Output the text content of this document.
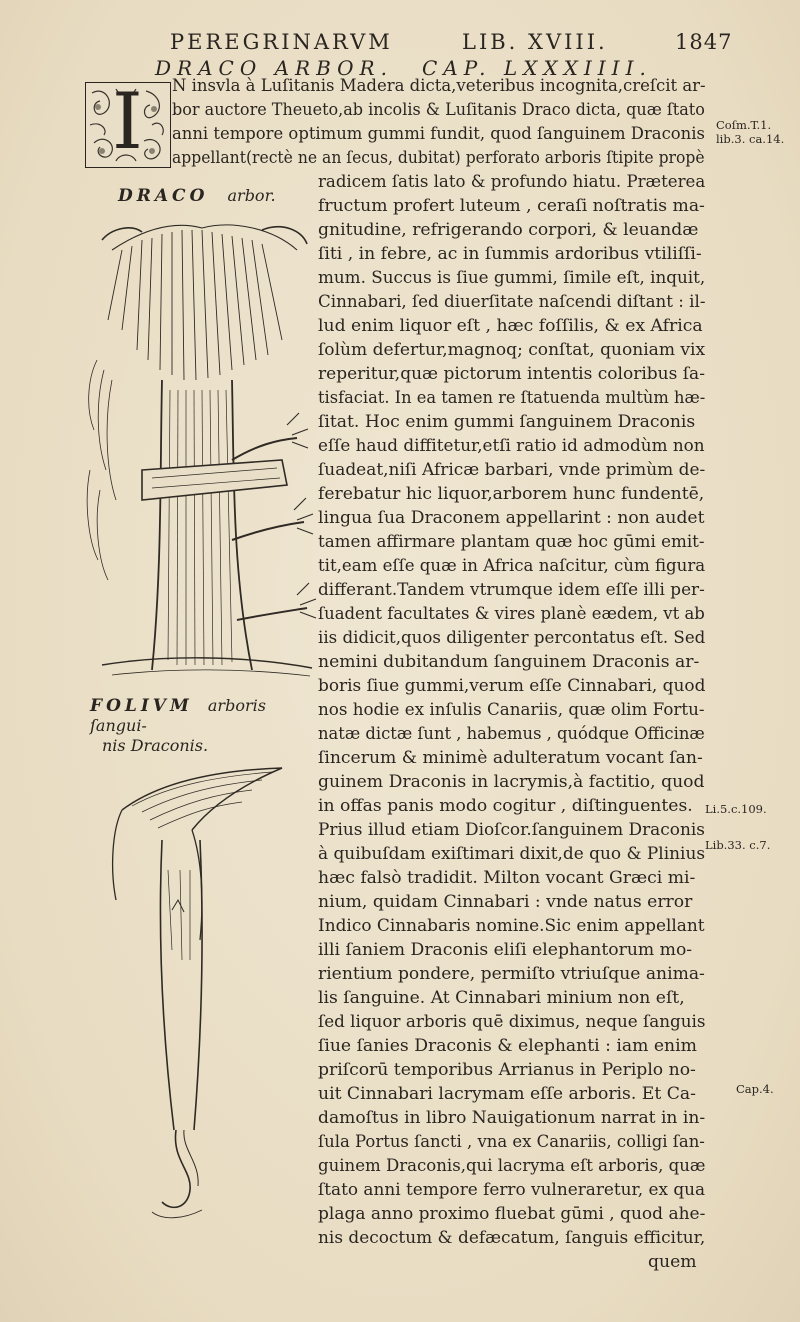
PEREGRINARVM	LIB. XVIII.	1847
DRACO ARBOR. CAP. LXXXIIII.
I
DRACO arbor.
FOLIVM arboris ſangui-
nis Draconis.
N insvla à Luſitanis Madera dicta,veteribus incognita,creſcit ar-
bor auctore Theueto,ab incolis & Luſitanis Draco dicta, quæ ſtato
anni tempore optimum gummi fundit, quod ſanguinem Draconis
appellant(rectè ne an ſecus, dubitat) perforato arboris ſtipite propè
radicem ſatis lato & profundo hiatu. Præterea
fructum profert luteum , ceraſi noſtratis ma-
gnitudine, refrigerando corpori, & leuandæ
ſiti , in febre, ac in ſummis ardoribus vtiliſſi-
mum. Succus is ſiue gummi, ſimile eſt, inquit,
Cinnabari, ſed diuerſitate naſcendi diſtant : il-
lud enim liquor eſt , hæc foſſilis, & ex Africa
ſolùm defertur,magnoq; conſtat, quoniam vix
reperitur,quæ pictorum intentis coloribus ſa-
tisfaciat. In ea tamen re ſtatuenda multùm hæ-
ſitat. Hoc enim gummi ſanguinem Draconis
eſſe haud diffitetur,etſi ratio id admodùm non
ſuadeat,niſi Africæ barbari, vnde primùm de-
ferebatur hic liquor,arborem hunc fundentē,
lingua ſua Draconem appellarint : non audet
tamen affirmare plantam quæ hoc gūmi emit-
tit,eam eſſe quæ in Africa naſcitur, cùm figura
differant.Tandem vtrumque idem eſſe illi per-
ſuadent facultates & vires planè eædem, vt ab
iis didicit,quos diligenter percontatus eſt. Sed
nemini dubitandum ſanguinem Draconis ar-
boris ſiue gummi,verum eſſe Cinnabari, quod
nos hodie ex inſulis Canariis, quæ olim Fortu-
natæ dictæ ſunt , habemus , quódque Officinæ
ſincerum & minimè adulteratum vocant ſan-
guinem Draconis in lacrymis,à factitio, quod
in offas panis modo cogitur , diſtinguentes.
Prius illud etiam Dioſcor.ſanguinem Draconis
à quibuſdam exiſtimari dixit,de quo & Plinius
hæc falsò tradidit. Milton vocant Græci mi-
nium, quidam Cinnabari : vnde natus error
Indico Cinnabaris nomine.Sic enim appellant
illi ſaniem Draconis eliſi elephantorum mo-
rientium pondere, permiſto vtriuſque anima-
lis ſanguine. At Cinnabari minium non eſt,
ſed liquor arboris quē diximus, neque ſanguis
ſiue ſanies Draconis & elephanti : iam enim
priſcorū temporibus Arrianus in Periplo no-
uit Cinnabari lacrymam eſſe arboris. Et Ca-
damoſtus in libro Nauigationum narrat in in-
ſula Portus ſancti , vna ex Canariis, colligi ſan-
guinem Draconis,qui lacryma eſt arboris, quæ
ſtato anni tempore ferro vulneraretur, ex qua
plaga anno proximo fluebat gūmi , quod ahe-
nis decoctum & defæcatum, ſanguis efficitur,
quem
Coſm.T.1.
lib.3. ca.14.
Li.5.c.109.
Lib.33. c.7.
Cap.4.
